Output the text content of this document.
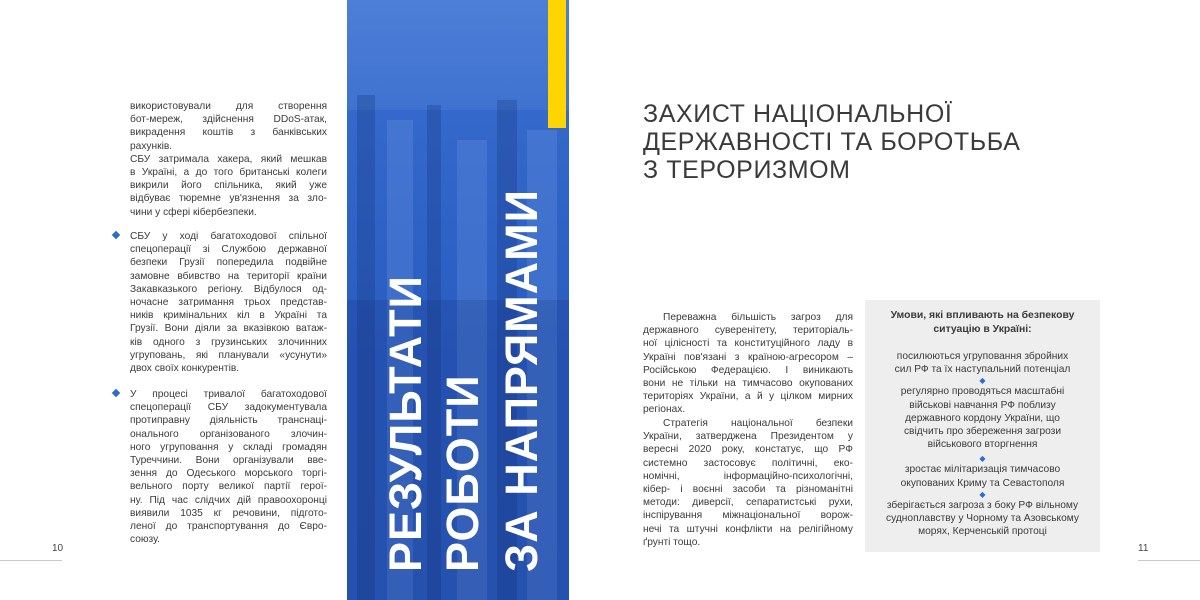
використовували для створення

бот-мереж, здійснення DDoS-атак,

викрадення коштів з банківських

рахунків.

СБУ затримала хакера, який мешкав

в Україні, а до того британські колеги

викрили його спільника, який уже

відбуває тюремне ув'язнення за зло-

чини у сфері кібербезпеки.

СБУ у ході багатоходової спільної

спецоперації зі Службою державної

безпеки Грузії попередила подвійне

замовне вбивство на території країни

Закавказького регіону. Відбулося од-

ночасне затримання трьох представ-

ників кримінальних кіл в Україні та

Грузії. Вони діяли за вказівкою ватаж-

ків одного з грузинських злочинних

угруповань, які планували «усунути»

двох своїх конкурентів.

У процесі тривалої багатоходової

спецоперації СБУ задокументувала

протиправну діяльність транснаці-

онального організованого злочин-

ного угруповання у складі громадян

Туреччини. Вони організували вве-

зення до Одеського морського торгі-

вельного порту великої партії герої-

ну. Під час слідчих дій правоохоронці

виявили 1035 кг речовини, підгото-

леної до транспортування до Євро-

союзу.

10	РЕЗУЛЬТАТИ РОБОТИ ЗА НАПРЯМАМИ
ЗАХИСТ НАЦІОНАЛЬНОЇ
ДЕРЖАВНОСТІ ТА БОРОТЬБА
З ТЕРОРИЗМОМ

Переважна більшість загроз для

державного суверенітету, територіаль-

ної цілісності та конституційного ладу в

Україні пов'язані з країною-агресором –

Російською Федерацією. І виникають

вони не тільки на тимчасово окупованих

територіях України, а й у цілком мирних

регіонах.

Стратегія національної безпеки

України, затверджена Президентом у

вересні 2020 року, констатує, що РФ

системно застосовує політичні, еко-

номічні, інформаційно-психологічні,

кібер- і воєнні засоби та різноманітні

методи: диверсії, сепаратистські рухи,

інспірування міжнаціональної ворож-

нечі та штучні конфлікти на релігійному

ґрунті тощо.

Умови, які впливають на безпекову
ситуацію в Україні:
посилюються угруповання збройних
сил РФ та їх наступальний потенціал
◆
регулярно проводяться масштабні
військові навчання РФ поблизу
державного кордону України, що
свідчить про збереження загрози
військового вторгнення
◆
зростає мілітаризація тимчасово
окупованих Криму та Севастополя
◆
зберігається загроза з боку РФ вільному
судноплавству у Чорному та Азовському
морях, Керченській протоці
11
